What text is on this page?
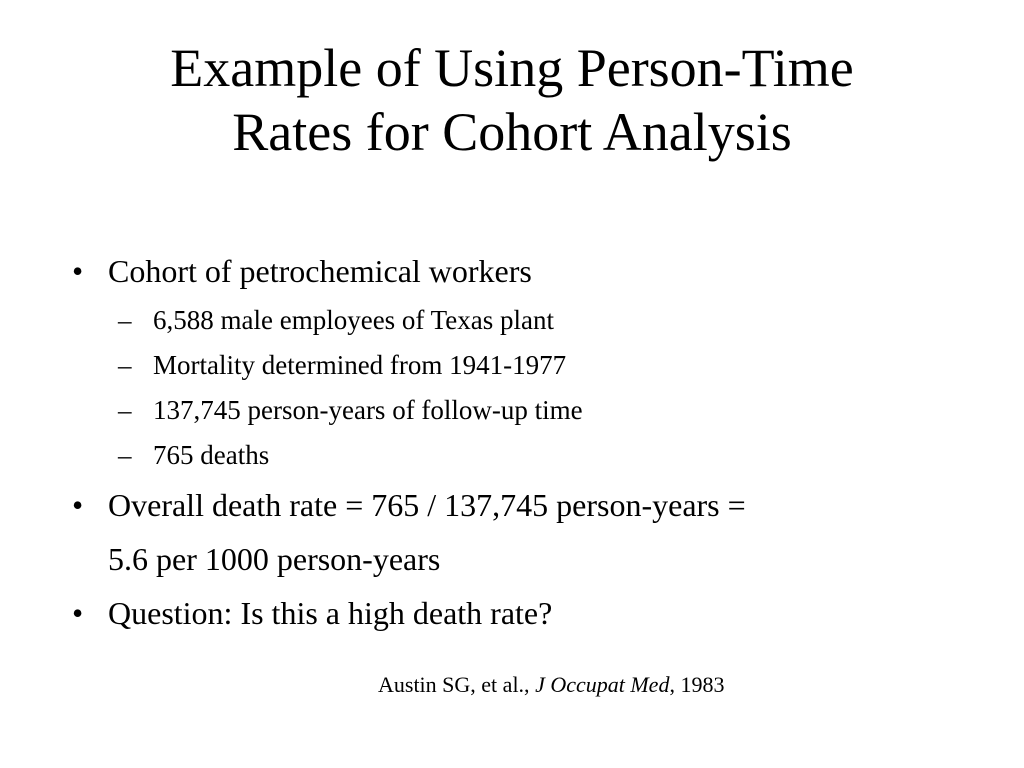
Example of Using Person-Time
Rates for Cohort Analysis
• Cohort of petrochemical workers
– 6,588 male employees of Texas plant
– Mortality determined from 1941-1977
– 137,745 person-years of follow-up time
– 765 deaths
• Overall death rate = 765 / 137,745 person-years =
5.6 per 1000 person-years
• Question: Is this a high death rate?
Austin SG, et al., J Occupat Med, 1983
